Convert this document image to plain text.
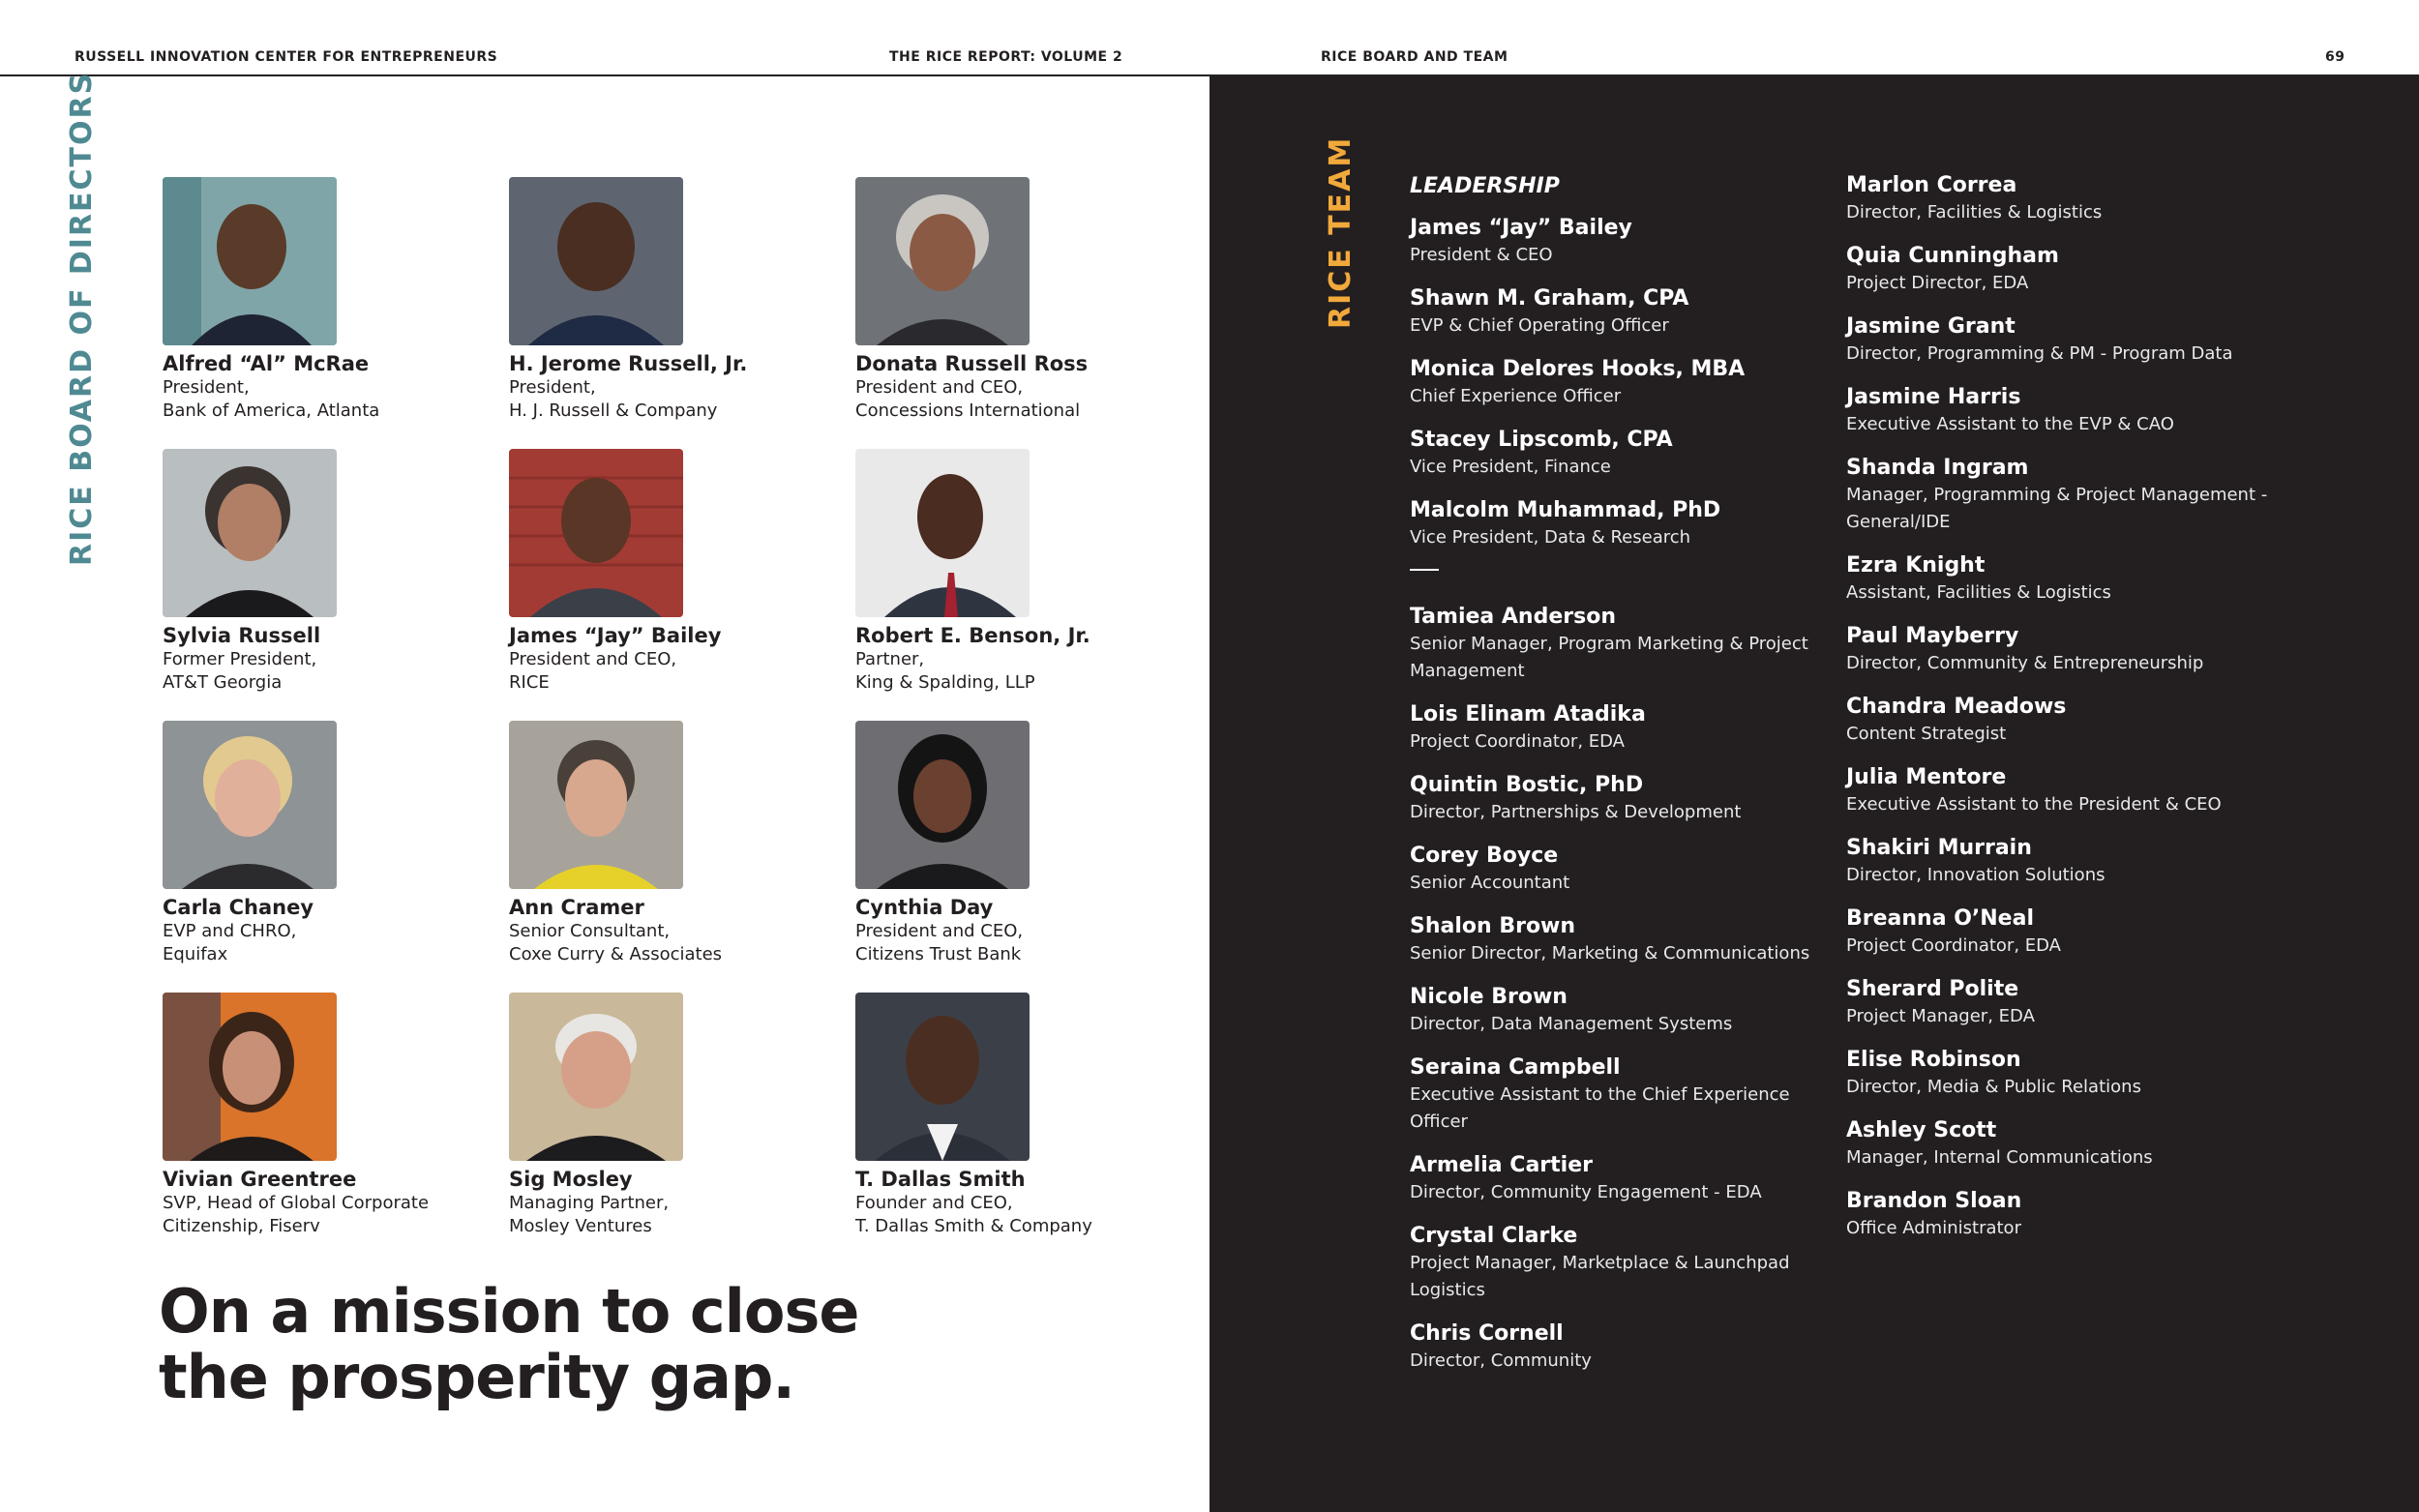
RUSSELL INNOVATION CENTER FOR ENTREPRENEURS	THE RICE REPORT: VOLUME 2	RICE BOARD AND TEAM	69
RICE BOARD OF DIRECTORS	Alfred “Al” McRae
President,
Bank of America, Atlanta
H. Jerome Russell, Jr.
President,
H. J. Russell & Company
Donata Russell Ross
President and CEO,
Concessions International
Sylvia Russell
Former President,
AT&T Georgia
James “Jay” Bailey
President and CEO,
RICE
Robert E. Benson, Jr.
Partner,
King & Spalding, LLP
Carla Chaney
EVP and CHRO,
Equifax
Ann Cramer
Senior Consultant,
Coxe Curry & Associates
Cynthia Day
President and CEO,
Citizens Trust Bank
Vivian Greentree
SVP, Head of Global Corporate
Citizenship, Fiserv
Sig Mosley
Managing Partner,
Mosley Ventures
T. Dallas Smith
Founder and CEO,
T. Dallas Smith & Company
On a mission to close the prosperity gap.
RICE TEAM LEADERSHIP
James “Jay” Bailey
President & CEO
Shawn M. Graham, CPA
EVP & Chief Operating Officer
Monica Delores Hooks, MBA
Chief Experience Officer
Stacey Lipscomb, CPA
Vice President, Finance
Malcolm Muhammad, PhD
Vice President, Data & Research
Tamiea Anderson
Senior Manager, Program Marketing & Project Management
Lois Elinam Atadika
Project Coordinator, EDA
Quintin Bostic, PhD
Director, Partnerships & Development
Corey Boyce
Senior Accountant
Shalon Brown
Senior Director, Marketing & Communications
Nicole Brown
Director, Data Management Systems
Seraina Campbell
Executive Assistant to the Chief Experience Officer
Armelia Cartier
Director, Community Engagement - EDA
Crystal Clarke
Project Manager, Marketplace & Launchpad Logistics
Chris Cornell
Director, Community
Marlon Correa
Director, Facilities & Logistics
Quia Cunningham
Project Director, EDA
Jasmine Grant
Director, Programming & PM - Program Data
Jasmine Harris
Executive Assistant to the EVP & CAO
Shanda Ingram
Manager, Programming & Project Management - General/IDE
Ezra Knight
Assistant, Facilities & Logistics
Paul Mayberry
Director, Community & Entrepreneurship
Chandra Meadows
Content Strategist
Julia Mentore
Executive Assistant to the President & CEO
Shakiri Murrain
Director, Innovation Solutions
Breanna O’Neal
Project Coordinator, EDA
Sherard Polite
Project Manager, EDA
Elise Robinson
Director, Media & Public Relations
Ashley Scott
Manager, Internal Communications
Brandon Sloan
Office Administrator
